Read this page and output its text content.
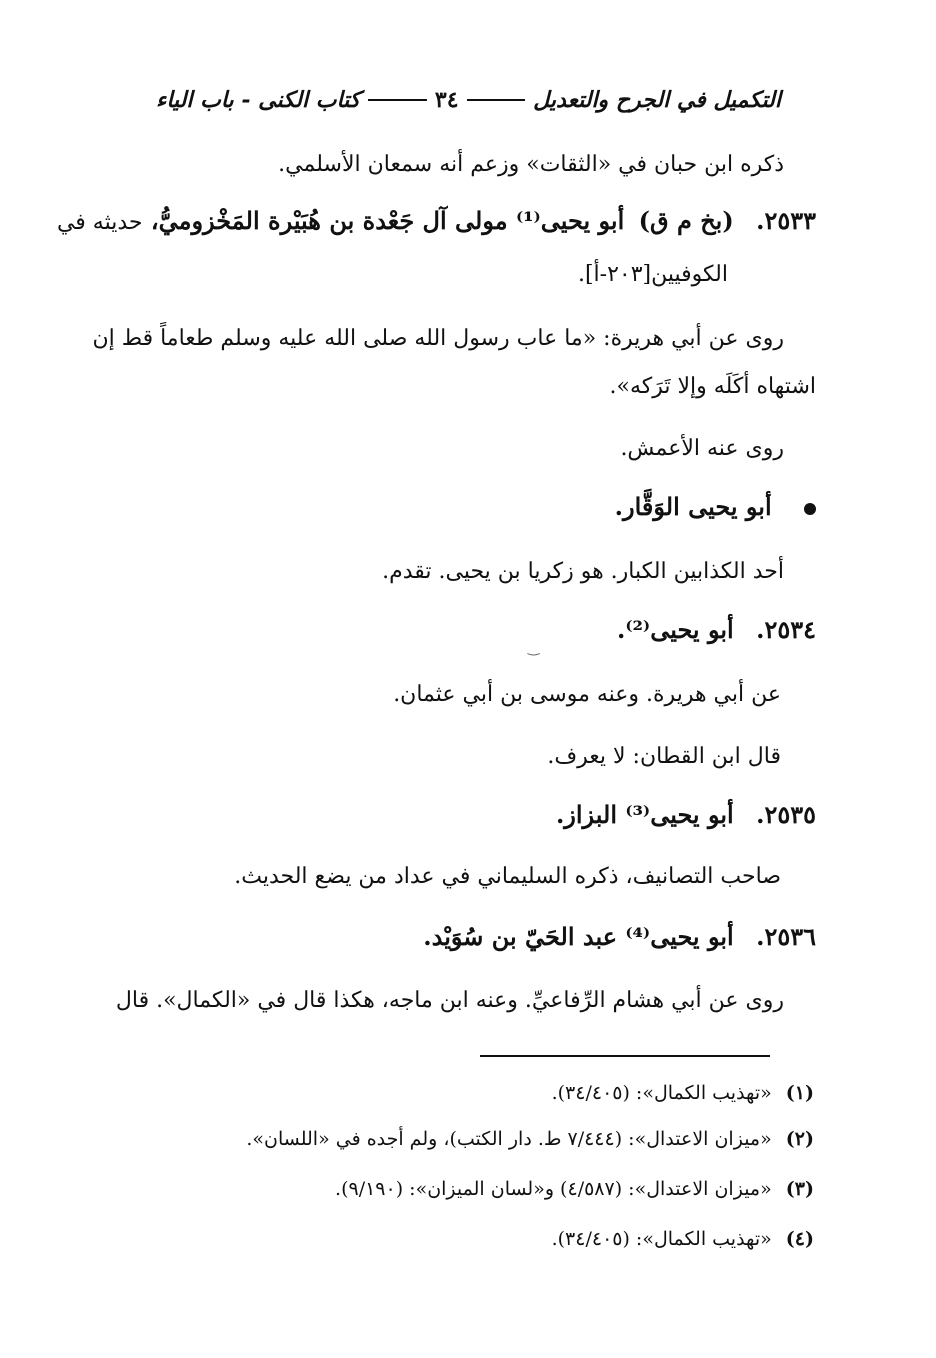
التكميل في الجرح والتعديل
٣٤
كتاب الكنى - باب الياء
ذكره ابن حبان في «الثقات» وزعم أنه سمعان الأسلمي.
٢٥٣٣. (بخ م ق) أبو يحيى⁽¹⁾ مولى آل جَعْدة بن هُبَيْرة المَخْزوميُّ، حديثه في
الكوفيين[٢٠٣-أ].
روى عن أبي هريرة: «ما عاب رسول الله صلى الله عليه وسلم طعاماً قط إن
اشتهاه أكَلَه وإلا تَرَكه».
روى عنه الأعمش.
أبو يحيى الوَقَّار.
أحد الكذابين الكبار. هو زكريا بن يحيى. تقدم.
٢٥٣٤. أبو يحيى⁽²⁾.
‿
عن أبي هريرة. وعنه موسى بن أبي عثمان.
قال ابن القطان: لا يعرف.
٢٥٣٥. أبو يحيى⁽³⁾ البزاز.
صاحب التصانيف، ذكره السليماني في عداد من يضع الحديث.
٢٥٣٦. أبو يحيى⁽⁴⁾ عبد الحَيّ بن سُوَيْد.
روى عن أبي هشام الرِّفاعيِّ. وعنه ابن ماجه، هكذا قال في «الكمال». قال
(١) «تهذيب الكمال»: (٣٤/٤٠٥).
(٢) «ميزان الاعتدال»: (٧/٤٤٤ ط. دار الكتب)، ولم أجده في «اللسان».
(٣) «ميزان الاعتدال»: (٤/٥٨٧) و«لسان الميزان»: (٩/١٩٠).
(٤) «تهذيب الكمال»: (٣٤/٤٠٥).
